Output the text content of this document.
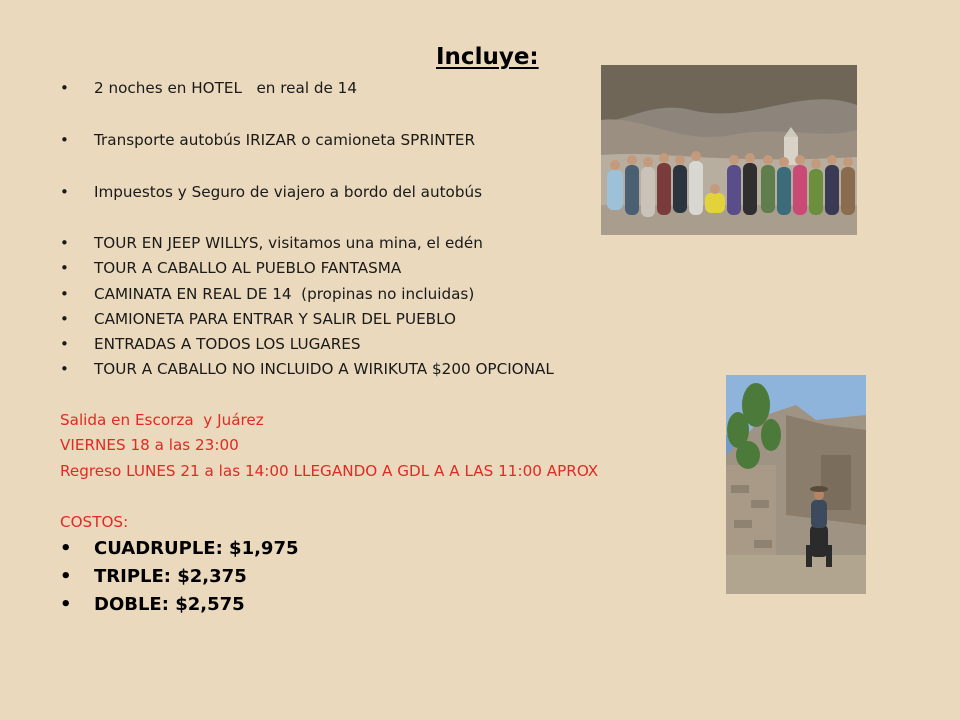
Incluye:
• 2 noches en HOTEL   en real de 14
• Transporte autobús IRIZAR o camioneta SPRINTER
• Impuestos y Seguro de viajero a bordo del autobús
• TOUR EN JEEP WILLYS, visitamos una mina, el edén
• TOUR A CABALLO AL PUEBLO FANTASMA
• CAMINATA EN REAL DE 14  (propinas no incluidas)
• CAMIONETA PARA ENTRAR Y SALIR DEL PUEBLO
• ENTRADAS A TODOS LOS LUGARES
• TOUR A CABALLO NO INCLUIDO A WIRIKUTA $200 OPCIONAL
Salida en Escorza  y Juárez
VIERNES 18 a las 23:00
Regreso LUNES 21 a las 14:00 LLEGANDO A GDL A A LAS 11:00 APROX
COSTOS:
• CUADRUPLE: $1,975
• TRIPLE: $2,375
• DOBLE: $2,575
